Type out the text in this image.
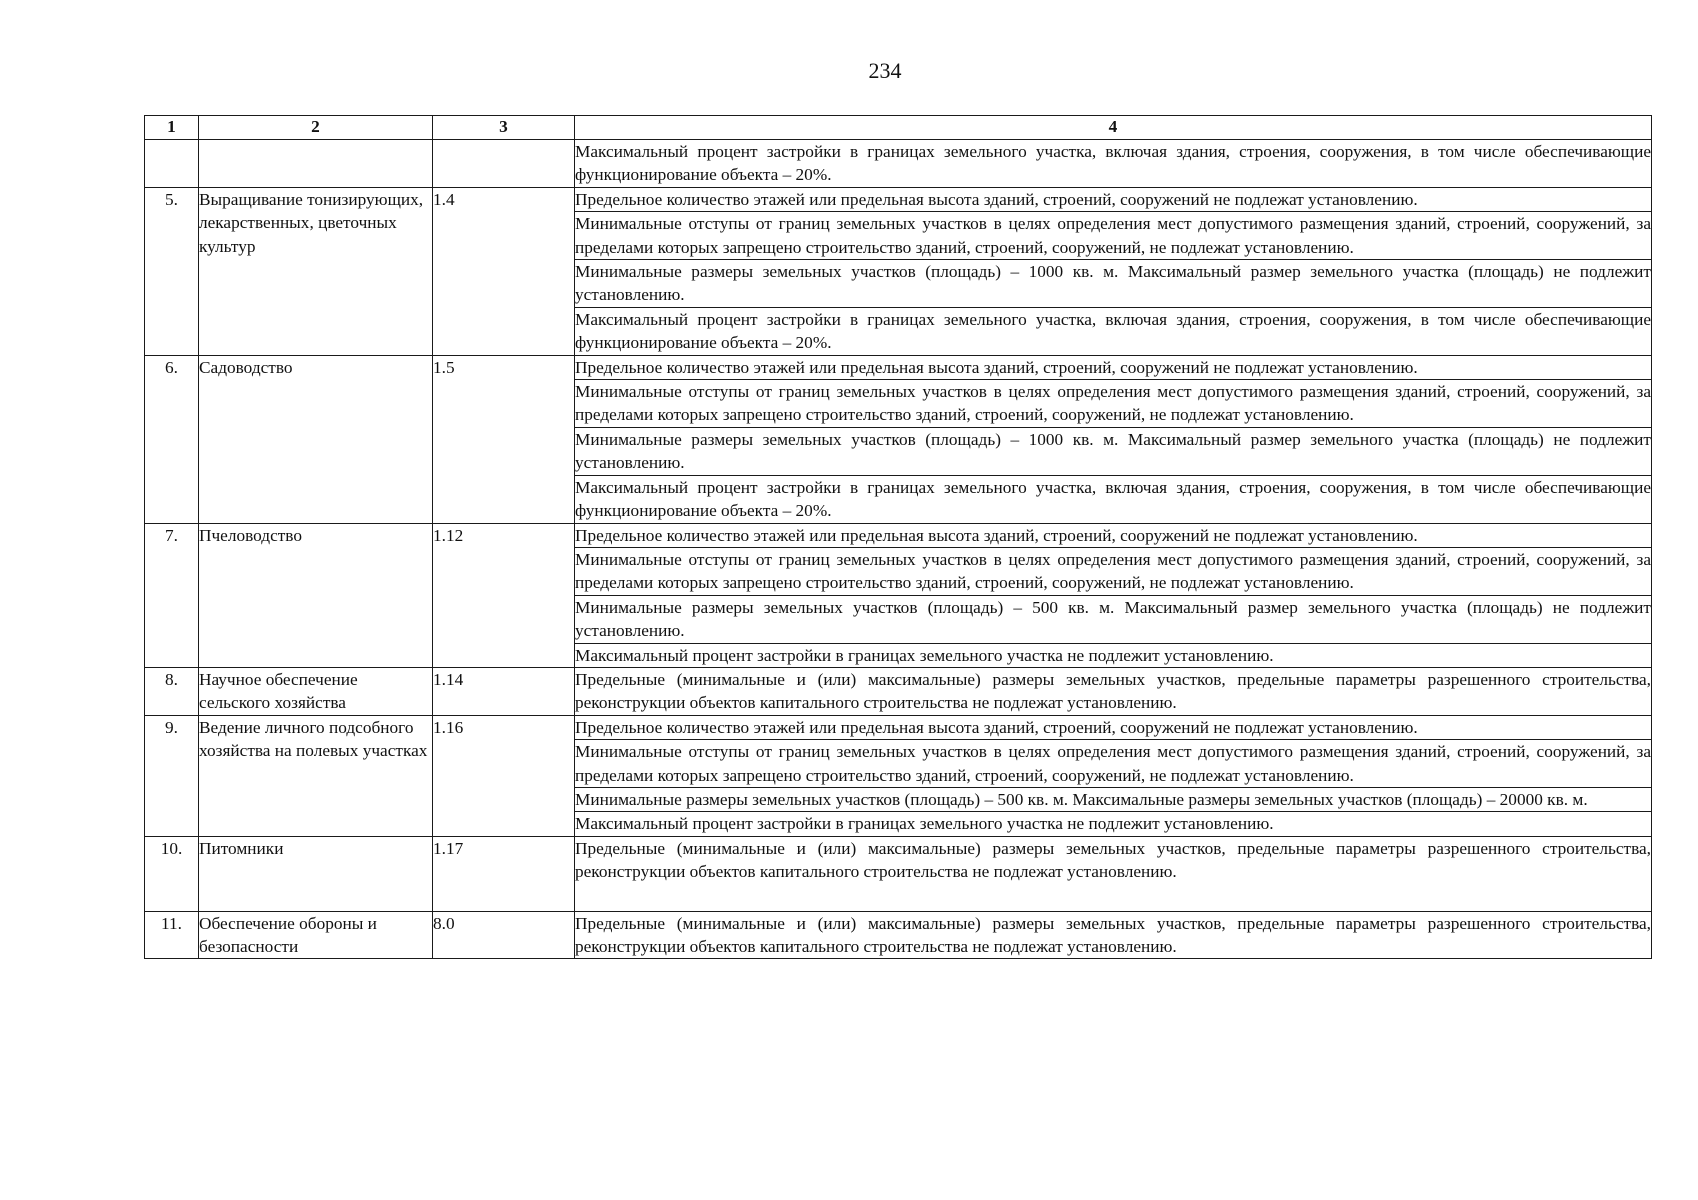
234
1	2	3	4
			Максимальный процент застройки в границах земельного участка, включая здания, строения, сооружения, в том числе обеспечивающие функционирование объекта – 20%.
5.	Выращивание тонизирующих, лекарственных, цветочных культур	1.4	Предельное количество этажей или предельная высота зданий, строений, сооружений не подлежат установлению.
			Минимальные отступы от границ земельных участков в целях определения мест допустимого размещения зданий, строений, сооружений, за пределами которых запрещено строительство зданий, строений, сооружений, не подлежат установлению.
			Минимальные размеры земельных участков (площадь) – 1000 кв. м. Максимальный размер земельного участка (площадь) не подлежит установлению.
			Максимальный процент застройки в границах земельного участка, включая здания, строения, сооружения, в том числе обеспечивающие функционирование объекта – 20%.
6.	Садоводство	1.5	Предельное количество этажей или предельная высота зданий, строений, сооружений не подлежат установлению.
			Минимальные отступы от границ земельных участков в целях определения мест допустимого размещения зданий, строений, сооружений, за пределами которых запрещено строительство зданий, строений, сооружений, не подлежат установлению.
			Минимальные размеры земельных участков (площадь) – 1000 кв. м. Максимальный размер земельного участка (площадь) не подлежит установлению.
			Максимальный процент застройки в границах земельного участка, включая здания, строения, сооружения, в том числе обеспечивающие функционирование объекта – 20%.
7.	Пчеловодство	1.12	Предельное количество этажей или предельная высота зданий, строений, сооружений не подлежат установлению.
			Минимальные отступы от границ земельных участков в целях определения мест допустимого размещения зданий, строений, сооружений, за пределами которых запрещено строительство зданий, строений, сооружений, не подлежат установлению.
			Минимальные размеры земельных участков (площадь) – 500 кв. м. Максимальный размер земельного участка (площадь) не подлежит установлению.
			Максимальный процент застройки в границах земельного участка не подлежит установлению.
8.	Научное обеспечение сельского хозяйства	1.14	Предельные (минимальные и (или) максимальные) размеры земельных участков, предельные параметры разрешенного строительства, реконструкции объектов капитального строительства не подлежат установлению.
9.	Ведение личного подсобного хозяйства на полевых участках	1.16	Предельное количество этажей или предельная высота зданий, строений, сооружений не подлежат установлению.
			Минимальные отступы от границ земельных участков в целях определения мест допустимого размещения зданий, строений, сооружений, за пределами которых запрещено строительство зданий, строений, сооружений, не подлежат установлению.
			Минимальные размеры земельных участков (площадь) – 500 кв. м. Максимальные размеры земельных участков (площадь) – 20000 кв. м.
			Максимальный процент застройки в границах земельного участка не подлежит установлению.
10.	Питомники	1.17	Предельные (минимальные и (или) максимальные) размеры земельных участков, предельные параметры разрешенного строительства, реконструкции объектов капитального строительства не подлежат установлению.
11.	Обеспечение обороны и безопасности	8.0	Предельные (минимальные и (или) максимальные) размеры земельных участков, предельные параметры разрешенного строительства, реконструкции объектов капитального строительства не подлежат установлению.
